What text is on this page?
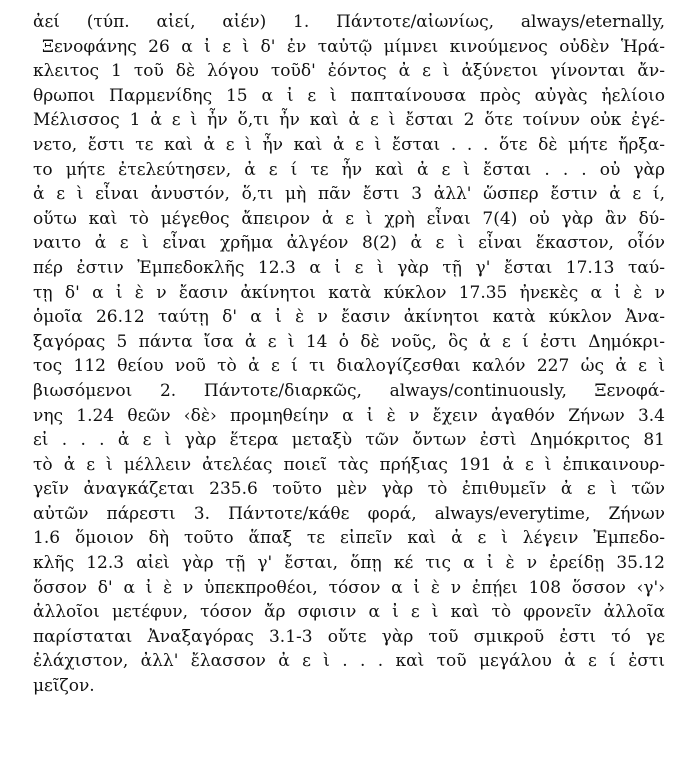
ἀεί (τύπ. αἰεί, αἰέν) 1. Πάντοτε/αἰωνίως, always/eternally,
Ξενοφάνης 26 α ἰ ε ὶ δ' ἐν ταὐτῷ μίμνει κινούμενος οὐδὲν Ἡρά-
κλειτος 1 τοῦ δὲ λόγου τοῦδ' ἐόντος ἀ ε ὶ ἀξύνετοι γίνονται ἄν-
θρωποι Παρμενίδης 15 α ἰ ε ὶ παπταίνουσα πρὸς αὐγὰς ἠελίοιο
Μέλισσος 1 ἀ ε ὶ ἦν ὅ,τι ἦν καὶ ἀ ε ὶ ἔσται 2 ὅτε τοίνυν οὐκ ἐγέ-
νετο, ἔστι τε καὶ ἀ ε ὶ ἦν καὶ ἀ ε ὶ ἔσται . . . ὅτε δὲ μήτε ἤρξα-
το μήτε ἐτελεύτησεν, ἀ ε ί τε ἦν καὶ ἀ ε ὶ ἔσται . . . οὐ γὰρ
ἀ ε ὶ εἶναι ἀνυστόν, ὅ,τι μὴ πᾶν ἔστι 3 ἀλλ' ὥσπερ ἔστιν ἀ ε ί,
οὕτω καὶ τὸ μέγεθος ἄπειρον ἀ ε ὶ χρὴ εἶναι 7(4) οὐ γὰρ ἂν δύ-
ναιτο ἀ ε ὶ εἶναι χρῆμα ἀλγέον 8(2) ἀ ε ὶ εἶναι ἕκαστον, οἷόν
πέρ ἐστιν Ἐμπεδοκλῆς 12.3 α ἰ ε ὶ γὰρ τῇ γ' ἔσται 17.13 ταύ-
τῃ δ' α ἰ ὲ ν ἔασιν ἀκίνητοι κατὰ κύκλον 17.35 ἠνεκὲς α ἰ ὲ ν
ὁμοῖα 26.12 ταύτῃ δ' α ἰ ὲ ν ἔασιν ἀκίνητοι κατὰ κύκλον Ἀνα-
ξαγόρας 5 πάντα ἴσα ἀ ε ὶ 14 ὁ δὲ νοῦς, ὃς ἀ ε ί ἐστι Δημόκρι-
τος 112 θείου νοῦ τὸ ἀ ε ί τι διαλογίζεσθαι καλόν 227 ὡς ἀ ε ὶ
βιωσόμενοι 2. Πάντοτε/διαρκῶς, always/continuously, Ξενοφά-
νης 1.24 θεῶν ‹δὲ› προμηθείην α ἰ ὲ ν ἔχειν ἀγαθόν Ζήνων 3.4
εἰ . . . ἀ ε ὶ γὰρ ἕτερα μεταξὺ τῶν ὄντων ἐστὶ Δημόκριτος 81
τὸ ἀ ε ὶ μέλλειν ἀτελέας ποιεῖ τὰς πρήξιας 191 ἀ ε ὶ ἐπικαινουρ-
γεῖν ἀναγκάζεται 235.6 τοῦτο μὲν γὰρ τὸ ἐπιθυμεῖν ἀ ε ὶ τῶν
αὐτῶν πάρεστι 3. Πάντοτε/κάθε φορά, always/everytime, Ζήνων
1.6 ὅμοιον δὴ τοῦτο ἅπαξ τε εἰπεῖν καὶ ἀ ε ὶ λέγειν Ἐμπεδο-
κλῆς 12.3 αἰεὶ γὰρ τῇ γ' ἔσται, ὅπῃ κέ τις α ἰ ὲ ν ἐρείδῃ 35.12
ὅσσον δ' α ἰ ὲ ν ὑπεκπροθέοι, τόσον α ἰ ὲ ν ἐπῄει 108 ὅσσον ‹γ'›
ἀλλοῖοι μετέφυν, τόσον ἄρ σφισιν α ἰ ε ὶ καὶ τὸ φρονεῖν ἀλλοῖα
παρίσταται Ἀναξαγόρας 3.1-3 οὔτε γὰρ τοῦ σμικροῦ ἐστι τό γε
ἐλάχιστον, ἀλλ' ἔλασσον ἀ ε ὶ . . . καὶ τοῦ μεγάλου ἀ ε ί ἐστι
μεῖζον.
